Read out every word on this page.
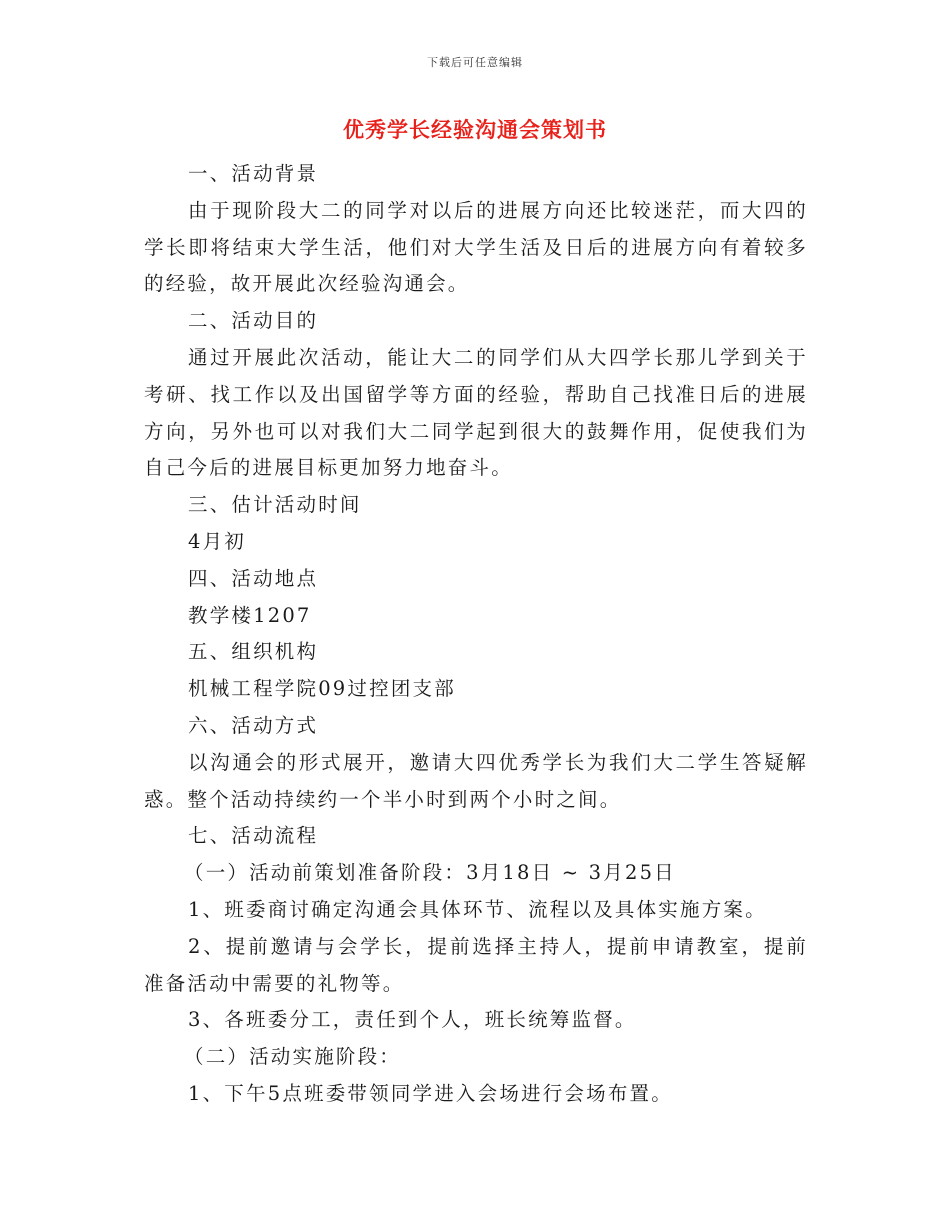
下载后可任意编辑
优秀学长经验沟通会策划书

一、活动背景

由于现阶段大二的同学对以后的进展方向还比较迷茫，而大四的学长即将结束大学生活，他们对大学生活及日后的进展方向有着较多的经验，故开展此次经验沟通会。

二、活动目的

通过开展此次活动，能让大二的同学们从大四学长那儿学到关于考研、找工作以及出国留学等方面的经验，帮助自己找准日后的进展方向，另外也可以对我们大二同学起到很大的鼓舞作用，促使我们为自己今后的进展目标更加努力地奋斗。

三、估计活动时间

4月初

四、活动地点

教学楼1207

五、组织机构

机械工程学院09过控团支部

六、活动方式

以沟通会的形式展开，邀请大四优秀学长为我们大二学生答疑解惑。整个活动持续约一个半小时到两个小时之间。

七、活动流程

（一）活动前策划准备阶段：3月18日 ~ 3月25日

1、班委商讨确定沟通会具体环节、流程以及具体实施方案。

2、提前邀请与会学长，提前选择主持人，提前申请教室，提前准备活动中需要的礼物等。

3、各班委分工，责任到个人，班长统筹监督。

（二）活动实施阶段：

1、下午5点班委带领同学进入会场进行会场布置。
